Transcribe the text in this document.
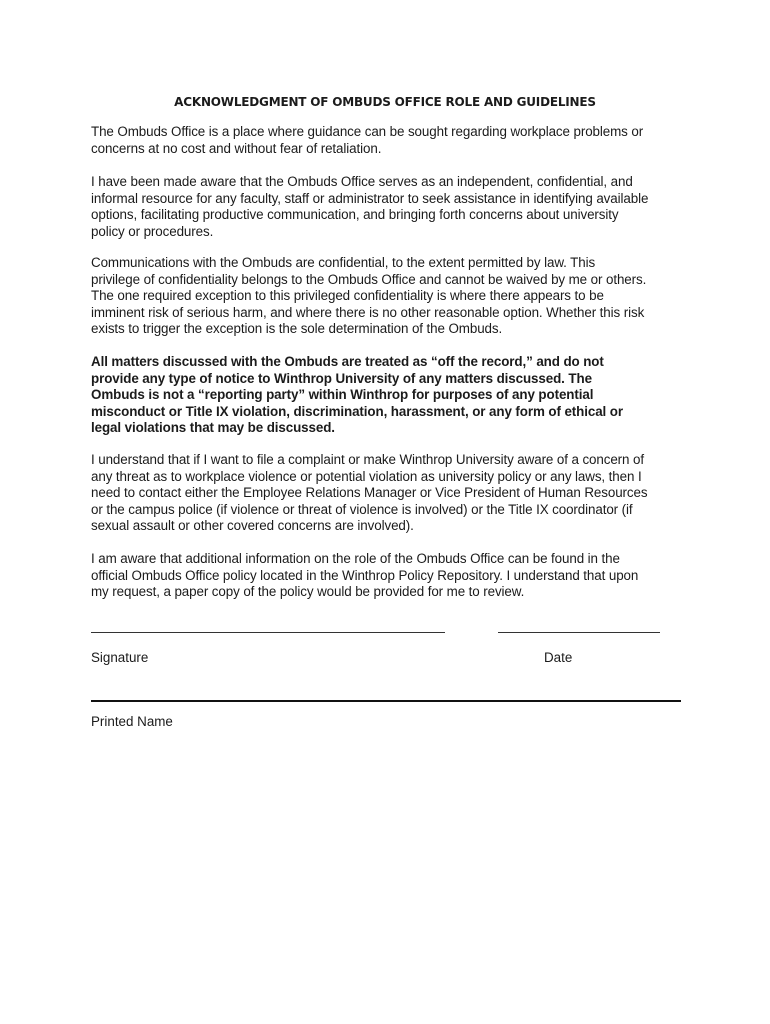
ACKNOWLEDGMENT OF OMBUDS OFFICE ROLE AND GUIDELINES

The Ombuds Office is a place where guidance can be sought regarding workplace problems or
concerns at no cost and without fear of retaliation.

I have been made aware that the Ombuds Office serves as an independent, confidential, and
informal resource for any faculty, staff or administrator to seek assistance in identifying available
options, facilitating productive communication, and bringing forth concerns about university
policy or procedures.

Communications with the Ombuds are confidential, to the extent permitted by law. This
privilege of confidentiality belongs to the Ombuds Office and cannot be waived by me or others.
The one required exception to this privileged confidentiality is where there appears to be
imminent risk of serious harm, and where there is no other reasonable option. Whether this risk
exists to trigger the exception is the sole determination of the Ombuds.

All matters discussed with the Ombuds are treated as “off the record,” and do not
provide any type of notice to Winthrop University of any matters discussed. The
Ombuds is not a “reporting party” within Winthrop for purposes of any potential
misconduct or Title IX violation, discrimination, harassment, or any form of ethical or
legal violations that may be discussed.

I understand that if I want to file a complaint or make Winthrop University aware of a concern of
any threat as to workplace violence or potential violation as university policy or any laws, then I
need to contact either the Employee Relations Manager or Vice President of Human Resources
or the campus police (if violence or threat of violence is involved) or the Title IX coordinator (if
sexual assault or other covered concerns are involved).

I am aware that additional information on the role of the Ombuds Office can be found in the
official Ombuds Office policy located in the Winthrop Policy Repository. I understand that upon
my request, a paper copy of the policy would be provided for me to review.

Signature	Date
Printed Name
